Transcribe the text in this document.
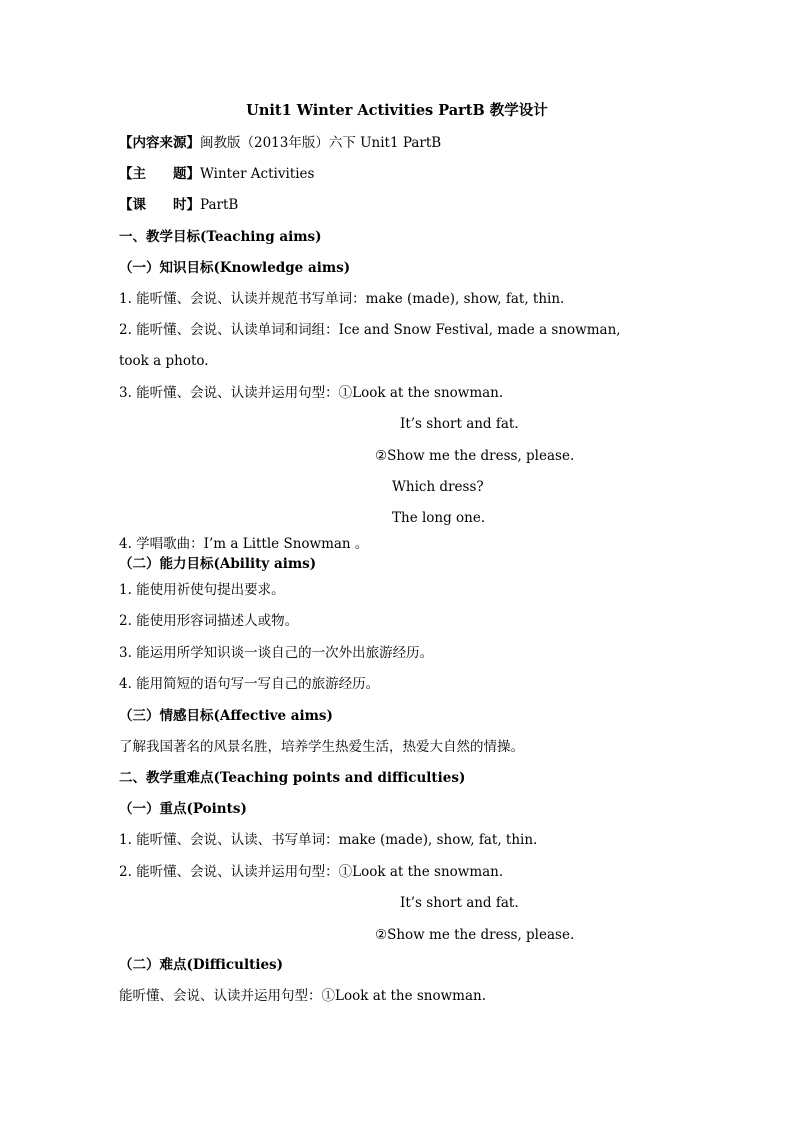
Unit1 Winter Activities PartB 教学设计
【内容来源】闽教版（2013年版）六下 Unit1 PartB
【主　　题】Winter Activities
【课　　时】PartB
一、教学目标(Teaching aims)
（一）知识目标(Knowledge aims)
1. 能听懂、会说、认读并规范书写单词：make (made), show, fat, thin.
2. 能听懂、会说、认读单词和词组：Ice and Snow Festival, made a snowman,
took a photo.
3. 能听懂、会说、认读并运用句型：①Look at the snowman.
It’s short and fat.
②Show me the dress, please.
Which dress?
The long one.
4. 学唱歌曲：I’m a Little Snowman 。
（二）能力目标(Ability aims)
1. 能使用祈使句提出要求。
2. 能使用形容词描述人或物。
3. 能运用所学知识谈一谈自己的一次外出旅游经历。
4. 能用简短的语句写一写自己的旅游经历。
（三）情感目标(Affective aims)
了解我国著名的风景名胜，培养学生热爱生活，热爱大自然的情操。
二、教学重难点(Teaching points and difficulties)
（一）重点(Points)
1. 能听懂、会说、认读、书写单词：make (made), show, fat, thin.
2. 能听懂、会说、认读并运用句型：①Look at the snowman.
It’s short and fat.
②Show me the dress, please.
（二）难点(Difficulties)
能听懂、会说、认读并运用句型：①Look at the snowman.
